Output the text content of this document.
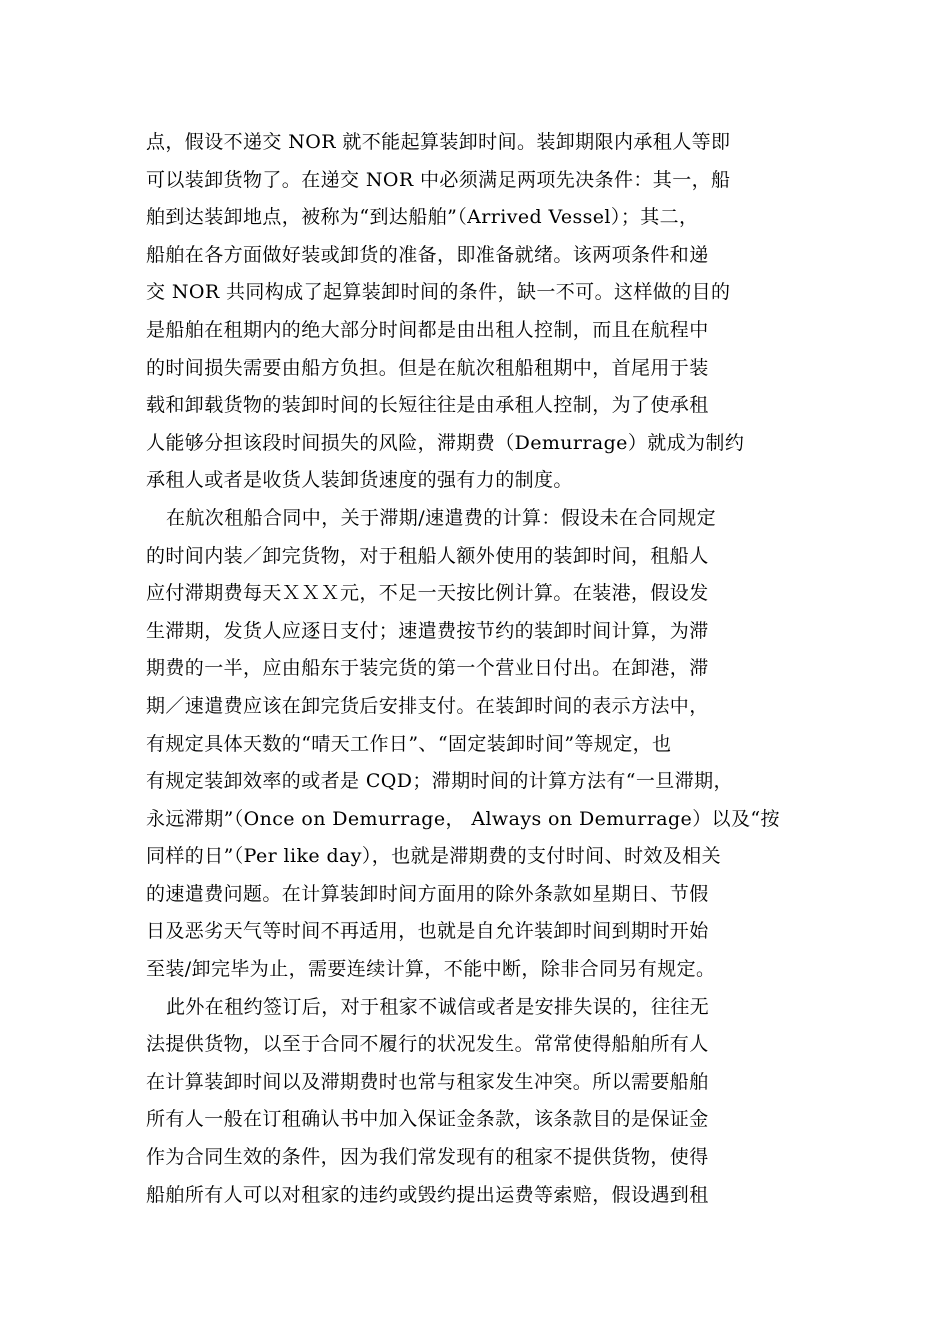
点，假设不递交 NOR 就不能起算装卸时间。装卸期限内承租人等即
可以装卸货物了。在递交 NOR 中必须满足两项先决条件：其一，船
舶到达装卸地点，被称为“到达船舶”（Arrived Vessel）；其二，
船舶在各方面做好装或卸货的准备，即准备就绪。该两项条件和递
交 NOR 共同构成了起算装卸时间的条件，缺一不可。这样做的目的
是船舶在租期内的绝大部分时间都是由出租人控制，而且在航程中
的时间损失需要由船方负担。但是在航次租船租期中，首尾用于装
载和卸载货物的装卸时间的长短往往是由承租人控制，为了使承租
人能够分担该段时间损失的风险，滞期费（Demurrage）就成为制约
承租人或者是收货人装卸货速度的强有力的制度。
在航次租船合同中，关于滞期/速遣费的计算：假设未在合同规定
的时间内装／卸完货物，对于租船人额外使用的装卸时间，租船人
应付滞期费每天ＸＸＸ元，不足一天按比例计算。在装港，假设发
生滞期，发货人应逐日支付；速遣费按节约的装卸时间计算，为滞
期费的一半，应由船东于装完货的第一个营业日付出。在卸港，滞
期／速遣费应该在卸完货后安排支付。在装卸时间的表示方法中，
有规定具体天数的“晴天工作日”、“固定装卸时间”等规定，也
有规定装卸效率的或者是 CQD；滞期时间的计算方法有“一旦滞期，
永远滞期”（Once on Demurrage， Always on Demurrage）以及“按
同样的日”（Per like day），也就是滞期费的支付时间、时效及相关
的速遣费问题。在计算装卸时间方面用的除外条款如星期日、节假
日及恶劣天气等时间不再适用，也就是自允许装卸时间到期时开始
至装/卸完毕为止，需要连续计算，不能中断，除非合同另有规定。
此外在租约签订后，对于租家不诚信或者是安排失误的，往往无
法提供货物，以至于合同不履行的状况发生。常常使得船舶所有人
在计算装卸时间以及滞期费时也常与租家发生冲突。所以需要船舶
所有人一般在订租确认书中加入保证金条款，该条款目的是保证金
作为合同生效的条件，因为我们常发现有的租家不提供货物，使得
船舶所有人可以对租家的违约或毁约提出运费等索赔，假设遇到租
